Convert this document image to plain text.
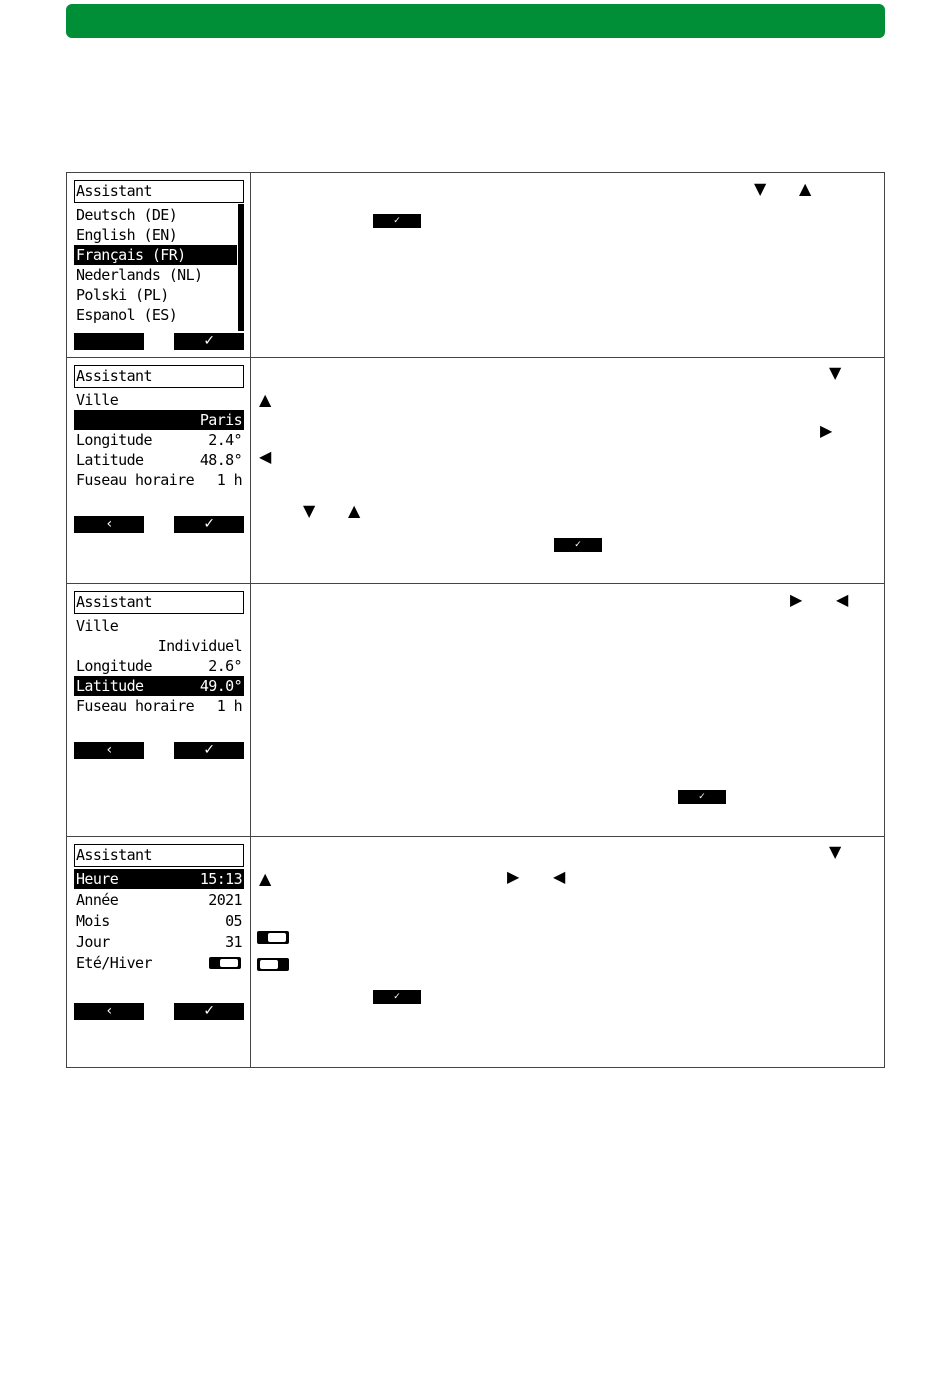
Assistant
Deutsch (DE)
English (EN)
Français (FR)
Nederlands (NL)
Polski (PL)
Espanol (ES)
✓
▼ ▲
✓
Assistant
Ville
Paris
Longitude	2.4°
Latitude	48.8°
Fuseau horaire 1 h
‹	✓
▼
▲
▶
◀
▼ ▲
✓
Assistant
Ville
Individuel
Longitude	2.6°
Latitude	49.0°
Fuseau horaire 1 h
‹	✓
▶ ◀
✓
Assistant
Heure	15:13
Année	2021
Mois	05
Jour	31
Eté/Hiver
‹	✓
▼
▲	▶ ◀
✓
